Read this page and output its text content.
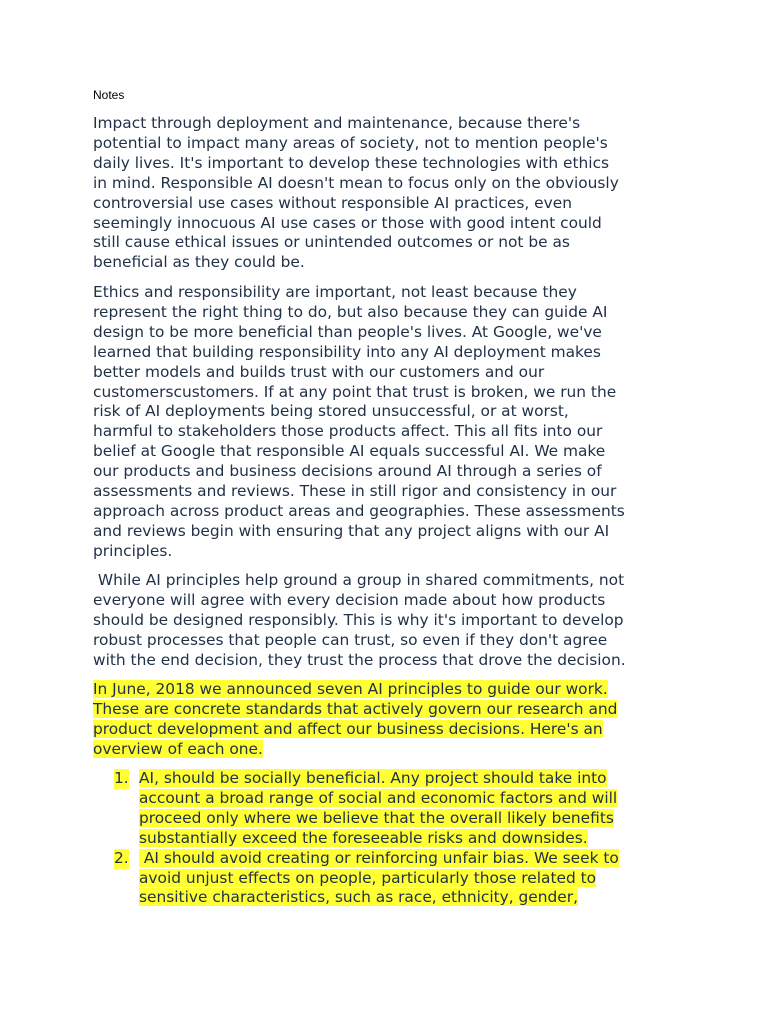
Notes
Impact through deployment and maintenance, because there's
potential to impact many areas of society, not to mention people's
daily lives. It's important to develop these technologies with ethics
in mind. Responsible AI doesn't mean to focus only on the obviously
controversial use cases without responsible AI practices, even
seemingly innocuous AI use cases or those with good intent could
still cause ethical issues or unintended outcomes or not be as
beneficial as they could be.
Ethics and responsibility are important, not least because they
represent the right thing to do, but also because they can guide AI
design to be more beneficial than people's lives. At Google, we've
learned that building responsibility into any AI deployment makes
better models and builds trust with our customers and our
customerscustomers. If at any point that trust is broken, we run the
risk of AI deployments being stored unsuccessful, or at worst,
harmful to stakeholders those products affect. This all fits into our
belief at Google that responsible AI equals successful AI. We make
our products and business decisions around AI through a series of
assessments and reviews. These in still rigor and consistency in our
approach across product areas and geographies. These assessments
and reviews begin with ensuring that any project aligns with our AI
principles.
While AI principles help ground a group in shared commitments, not
everyone will agree with every decision made about how products
should be designed responsibly. This is why it's important to develop
robust processes that people can trust, so even if they don't agree
with the end decision, they trust the process that drove the decision.
In June, 2018 we announced seven AI principles to guide our work.
These are concrete standards that actively govern our research and
product development and affect our business decisions. Here's an
overview of each one.
1. AI, should be socially beneficial. Any project should take into
account a broad range of social and economic factors and will
proceed only where we believe that the overall likely benefits
substantially exceed the foreseeable risks and downsides.
2. AI should avoid creating or reinforcing unfair bias. We seek to
avoid unjust effects on people, particularly those related to
sensitive characteristics, such as race, ethnicity, gender,
